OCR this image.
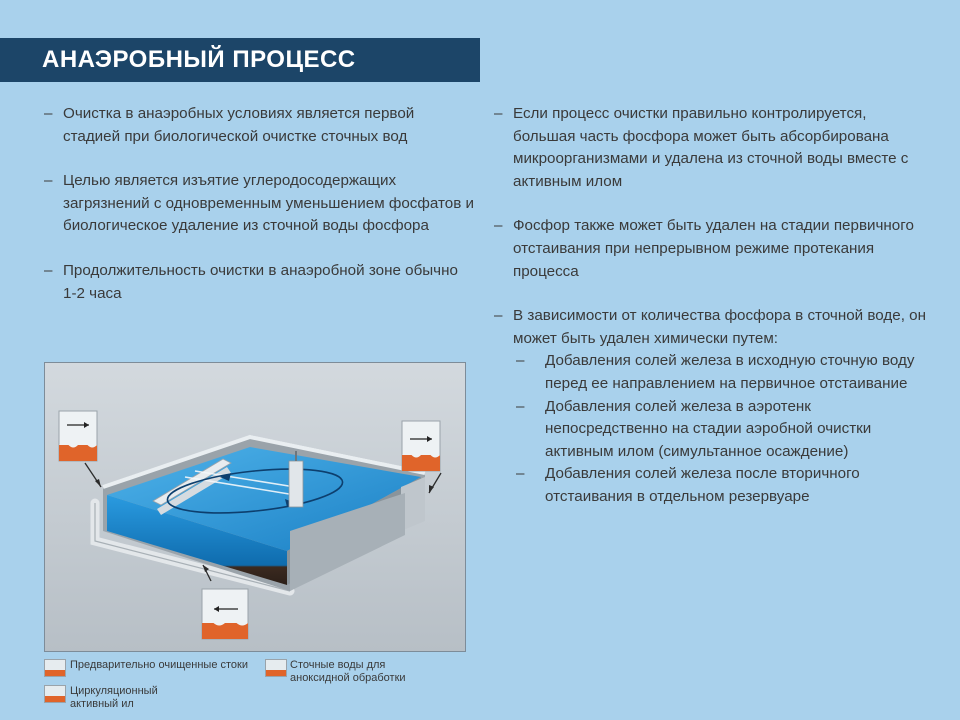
АНАЭРОБНЫЙ ПРОЦЕСС

– Очистка в анаэробных условиях является первой стадией при биологической очистке сточных вод

– Целью является изъятие углеродосодержащих загрязнений с одновременным уменьшением фосфатов и биологическое удаление из сточной воды фосфора

– Продолжительность очистки в анаэробной зоне обычно 1-2 часа

– Если процесс очистки правильно контролируется, большая часть фосфора может быть абсорбирована микроорганизмами и удалена из сточной воды вместе с активным илом

– Фосфор также может быть удален на стадии первичного отстаивания при непрерывном режиме протекания процесса

– В зависимости от количества фосфора в сточной воде, он может быть удален химически путем:

– Добавления солей железа в исходную сточную воду перед ее направлением на первичное отстаивание

– Добавления солей железа в аэротенк непосредственно на стадии аэробной очистки активным илом (симультанное осаждение)

– Добавления солей железа после вторичного отстаивания в отдельном резервуаре

Предварительно очищенные стоки
Циркуляционный активный ил
Сточные воды для аноксидной обработки
